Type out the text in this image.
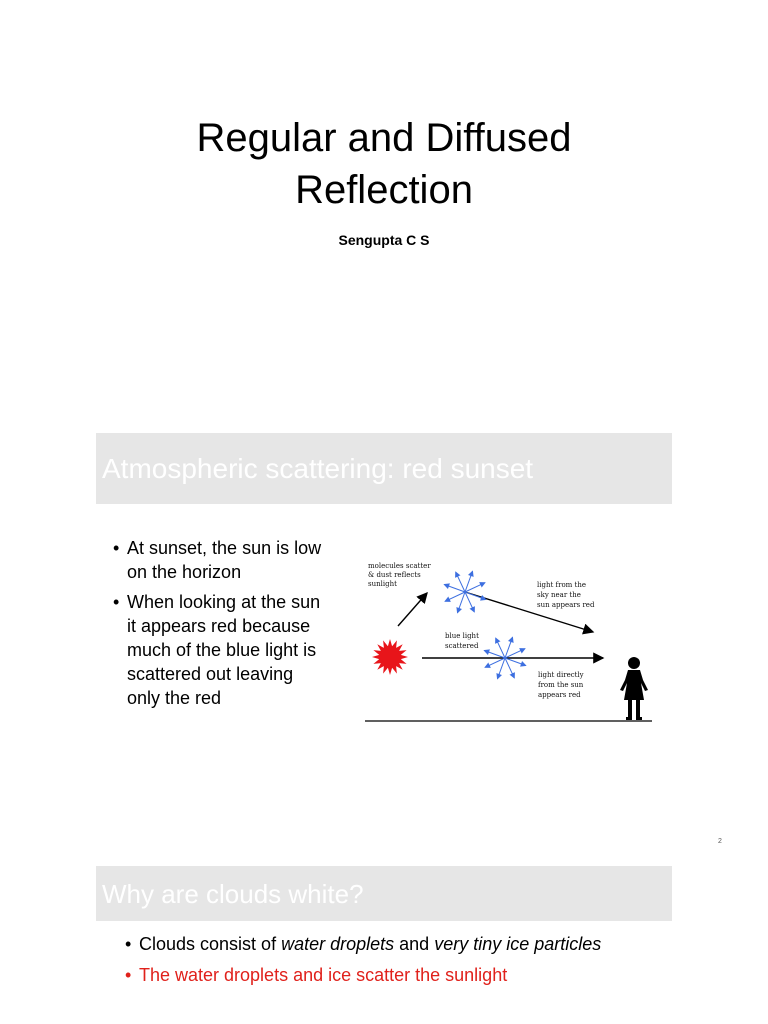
Regular and Diffused
Reflection
Sengupta C S
Atmospheric scattering: red sunset
• At sunset, the sun is low on the horizon
• When looking at the sun it appears red because much of the blue light is scattered out leaving only the red
molecules scatter
& dust reflects
sunlight	light from the
sky near the
sun appears red
blue light
scattered
light directly
from the sun
appears red
2
Why are clouds white?
• Clouds consist of water droplets and very tiny ice particles
• The water droplets and ice scatter the sunlight
